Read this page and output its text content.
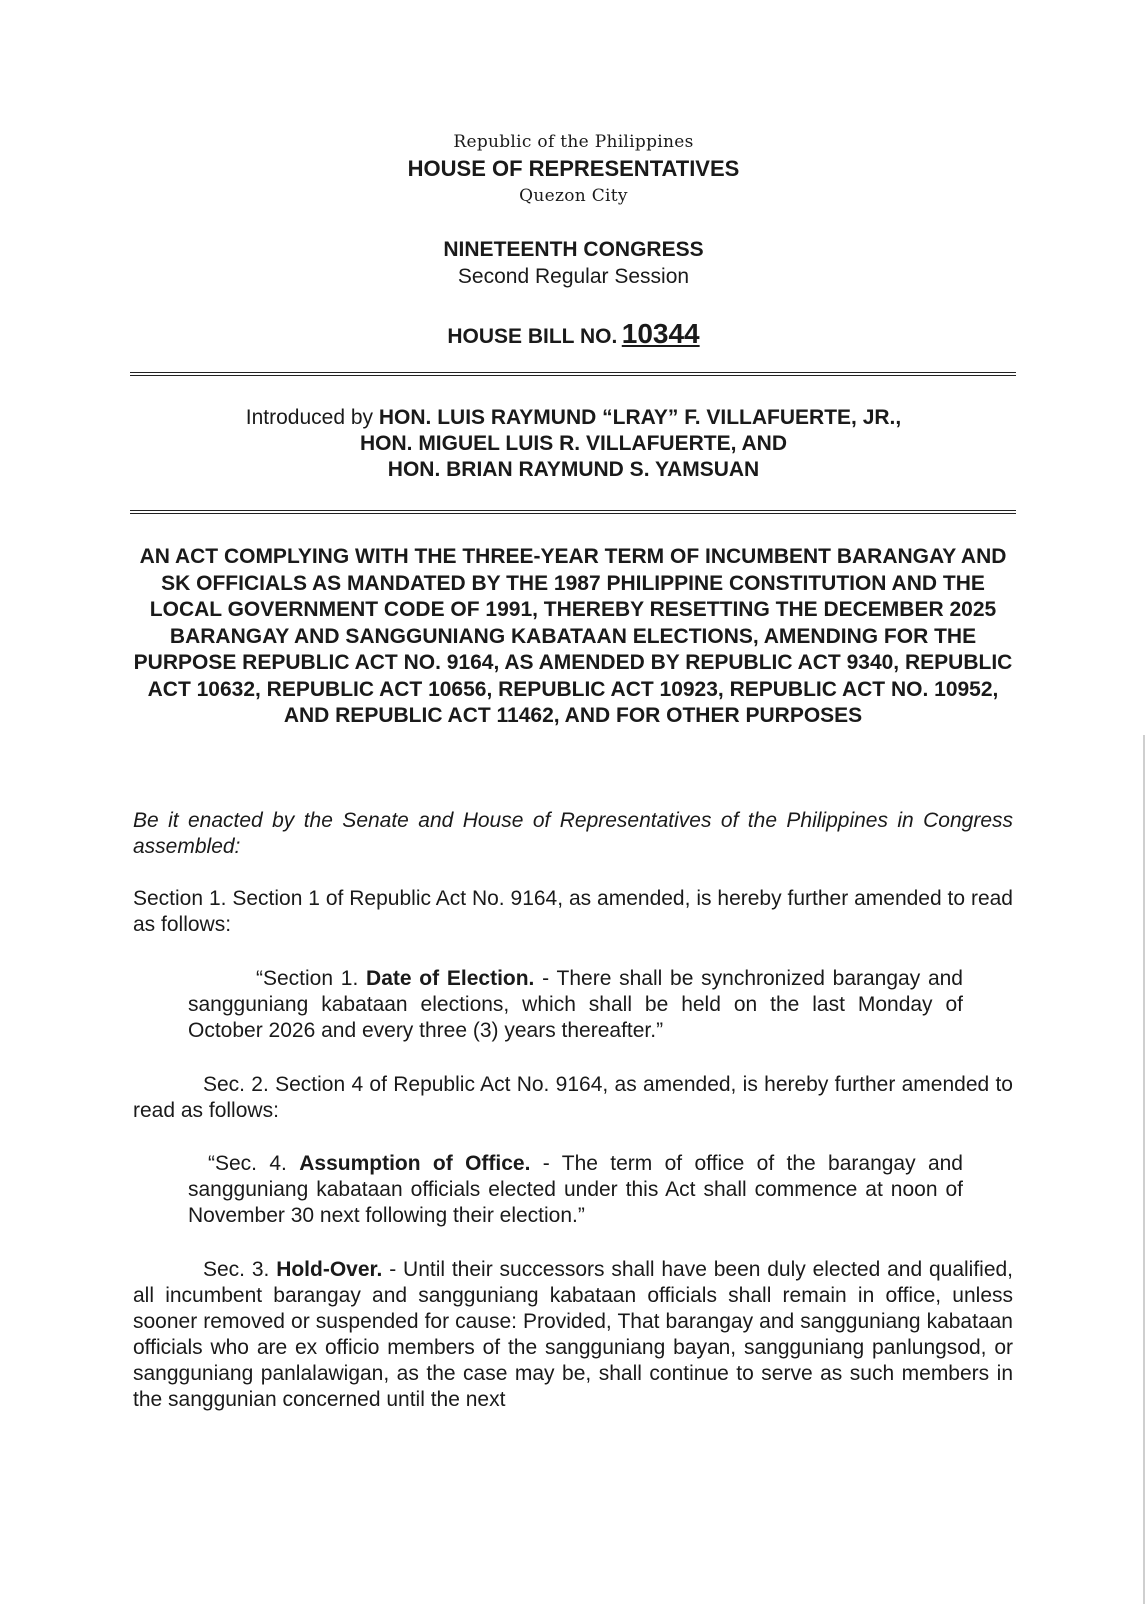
Republic of the Philippines
HOUSE OF REPRESENTATIVES
Quezon City
NINETEENTH CONGRESS
Second Regular Session
HOUSE BILL NO. 10344
Introduced by HON. LUIS RAYMUND “LRAY” F. VILLAFUERTE, JR.,
HON. MIGUEL LUIS R. VILLAFUERTE, AND
HON. BRIAN RAYMUND S. YAMSUAN
AN ACT COMPLYING WITH THE THREE-YEAR TERM OF INCUMBENT BARANGAY AND SK OFFICIALS AS MANDATED BY THE 1987 PHILIPPINE CONSTITUTION AND THE LOCAL GOVERNMENT CODE OF 1991, THEREBY RESETTING THE DECEMBER 2025 BARANGAY AND SANGGUNIANG KABATAAN ELECTIONS, AMENDING FOR THE PURPOSE REPUBLIC ACT NO. 9164, AS AMENDED BY REPUBLIC ACT 9340, REPUBLIC ACT 10632, REPUBLIC ACT 10656, REPUBLIC ACT 10923, REPUBLIC ACT NO. 10952, AND REPUBLIC ACT 11462, AND FOR OTHER PURPOSES
Be it enacted by the Senate and House of Representatives of the Philippines in Congress assembled:
Section 1. Section 1 of Republic Act No. 9164, as amended, is hereby further amended to read as follows:
“Section 1. Date of Election. - There shall be synchronized barangay and sangguniang kabataan elections, which shall be held on the last Monday of October 2026 and every three (3) years thereafter.”
Sec. 2. Section 4 of Republic Act No. 9164, as amended, is hereby further amended to read as follows:
“Sec. 4. Assumption of Office. - The term of office of the barangay and sangguniang kabataan officials elected under this Act shall commence at noon of November 30 next following their election.”
Sec. 3. Hold-Over. - Until their successors shall have been duly elected and qualified, all incumbent barangay and sangguniang kabataan officials shall remain in office, unless sooner removed or suspended for cause: Provided, That barangay and sangguniang kabataan officials who are ex officio members of the sangguniang bayan, sangguniang panlungsod, or sangguniang panlalawigan, as the case may be, shall continue to serve as such members in the sanggunian concerned until the next
